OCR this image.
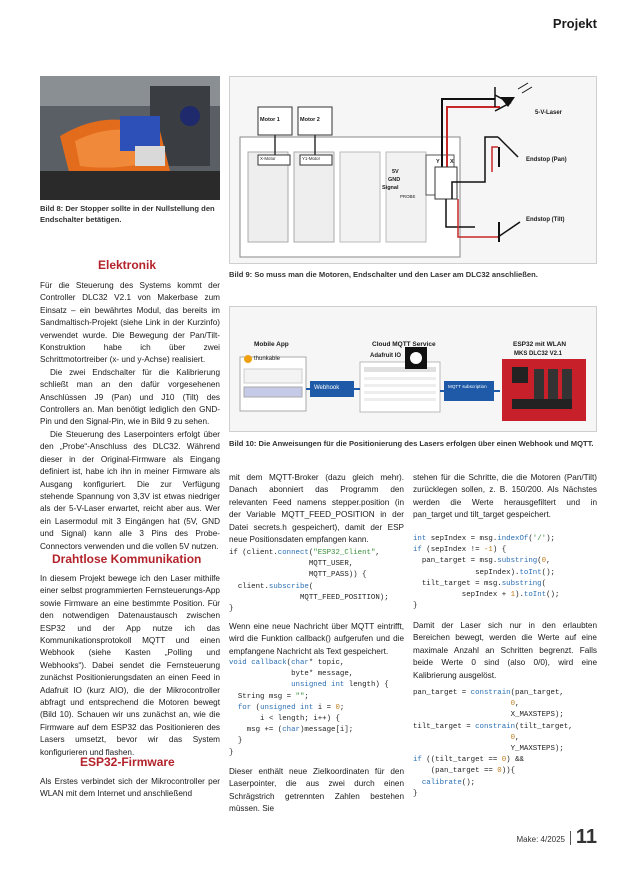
Projekt
Bild 8: Der Stopper sollte in der Nullstellung den Endschalter betätigen.
Motor 1	Motor 2
X-Motor	Y1-Motor
5-V-Laser
Endstop (Pan)
Endstop (Tilt)
5V
GND
Signal
PROBE
Y X
Bild 9: So muss man die Motoren, Endschalter und den Laser am DLC32 anschließen.
Mobile App	Cloud MQTT Service	ESP32 mit WLAN
thunkable	Adafruit IO
Webhook	MQTT subscription
MKS DLC32 V2.1
Bild 10: Die Anweisungen für die Positionierung des Lasers erfolgen über einen Webhook und MQTT.
Elektronik

Für die Steuerung des Systems kommt der Controller DLC32 V2.1 von Makerbase zum Einsatz – ein bewährtes Modul, das bereits im Sandmaltisch-Projekt (siehe Link in der Kurzinfo) verwendet wurde. Die Bewegung der Pan/Tilt-Konstruktion habe ich über zwei Schrittmotortreiber (x- und y-Achse) realisiert.

Die zwei Endschalter für die Kalibrierung schließt man an den dafür vorgesehenen Anschlüssen J9 (Pan) und J10 (Tilt) des Controllers an. Man benötigt lediglich den GND-Pin und den Signal-Pin, wie in Bild 9 zu sehen.

Die Steuerung des Laserpointers erfolgt über den „Probe“-Anschluss des DLC32. Während dieser in der Original-Firmware als Eingang definiert ist, habe ich ihn in meiner Firmware als Ausgang konfiguriert. Die zur Verfügung stehende Spannung von 3,3V ist etwas niedriger als der 5-V-Laser erwartet, reicht aber aus. Wer ein Lasermodul mit 3 Eingängen hat (5V, GND und Signal) kann alle 3 Pins des Probe-Connectors verwenden und die vollen 5V nutzen.

Drahtlose Kommunikation

In diesem Projekt bewege ich den Laser mithilfe einer selbst programmierten Fernsteuerungs-App sowie Firmware an eine bestimmte Position. Für den notwendigen Datenaustausch zwischen ESP32 und der App nutze ich das Kommunikationsprotokoll MQTT und einen Webhook (siehe Kasten „Polling und Webhooks“). Dabei sendet die Fernsteuerung zunächst Positionierungsdaten an einen Feed in Adafruit IO (kurz AIO), die der Mikrocontroller abfragt und entsprechend die Motoren bewegt (Bild 10). Schauen wir uns zunächst an, wie die Firmware auf dem ESP32 das Positionieren des Lasers umsetzt, bevor wir das System konfigurieren und flashen.

ESP32-Firmware

Als Erstes verbindet sich der Mikrocontroller per WLAN mit dem Internet und anschließend

mit dem MQTT-Broker (dazu gleich mehr). Danach abonniert das Programm den relevanten Feed namens stepper.position (in der Variable MQTT_FEED_POSITION in der Datei secrets.h gespeichert), damit der ESP neue Positionsdaten empfangen kann.

if (client.connect("ESP32_Client",
MQTT_USER,
MQTT_PASS)) {
client.subscribe(
MQTT_FEED_POSITION);
}

Wenn eine neue Nachricht über MQTT eintrifft, wird die Funktion callback() aufgerufen und die empfangene Nachricht als Text gespeichert.

void callback(char* topic,
byte* message,
unsigned int length) {
String msg = "";
for (unsigned int i = 0;
i < length; i++) {
msg += (char)message[i];
}
}

Dieser enthält neue Zielkoordinaten für den Laserpointer, die aus zwei durch einen Schrägstrich getrennten Zahlen bestehen müssen. Sie

stehen für die Schritte, die die Motoren (Pan/Tilt) zurücklegen sollen, z. B. 150/200. Als Nächstes werden die Werte herausgefiltert und in pan_target und tilt_target gespeichert.

int sepIndex = msg.indexOf('/');
if (sepIndex != -1) {
pan_target = msg.substring(0,
sepIndex).toInt();
tilt_target = msg.substring(
sepIndex + 1).toInt();
}

Damit der Laser sich nur in den erlaubten Bereichen bewegt, werden die Werte auf eine maximale Anzahl an Schritten begrenzt. Falls beide Werte 0 sind (also 0/0), wird eine Kalibrierung ausgelöst.

pan_target = constrain(pan_target,
0,
X_MAXSTEPS);
tilt_target = constrain(tilt_target,
0,
Y_MAXSTEPS);
if ((tilt_target == 0) &&
(pan_target == 0)){
calibrate();
}
Make: 4/2025 11
